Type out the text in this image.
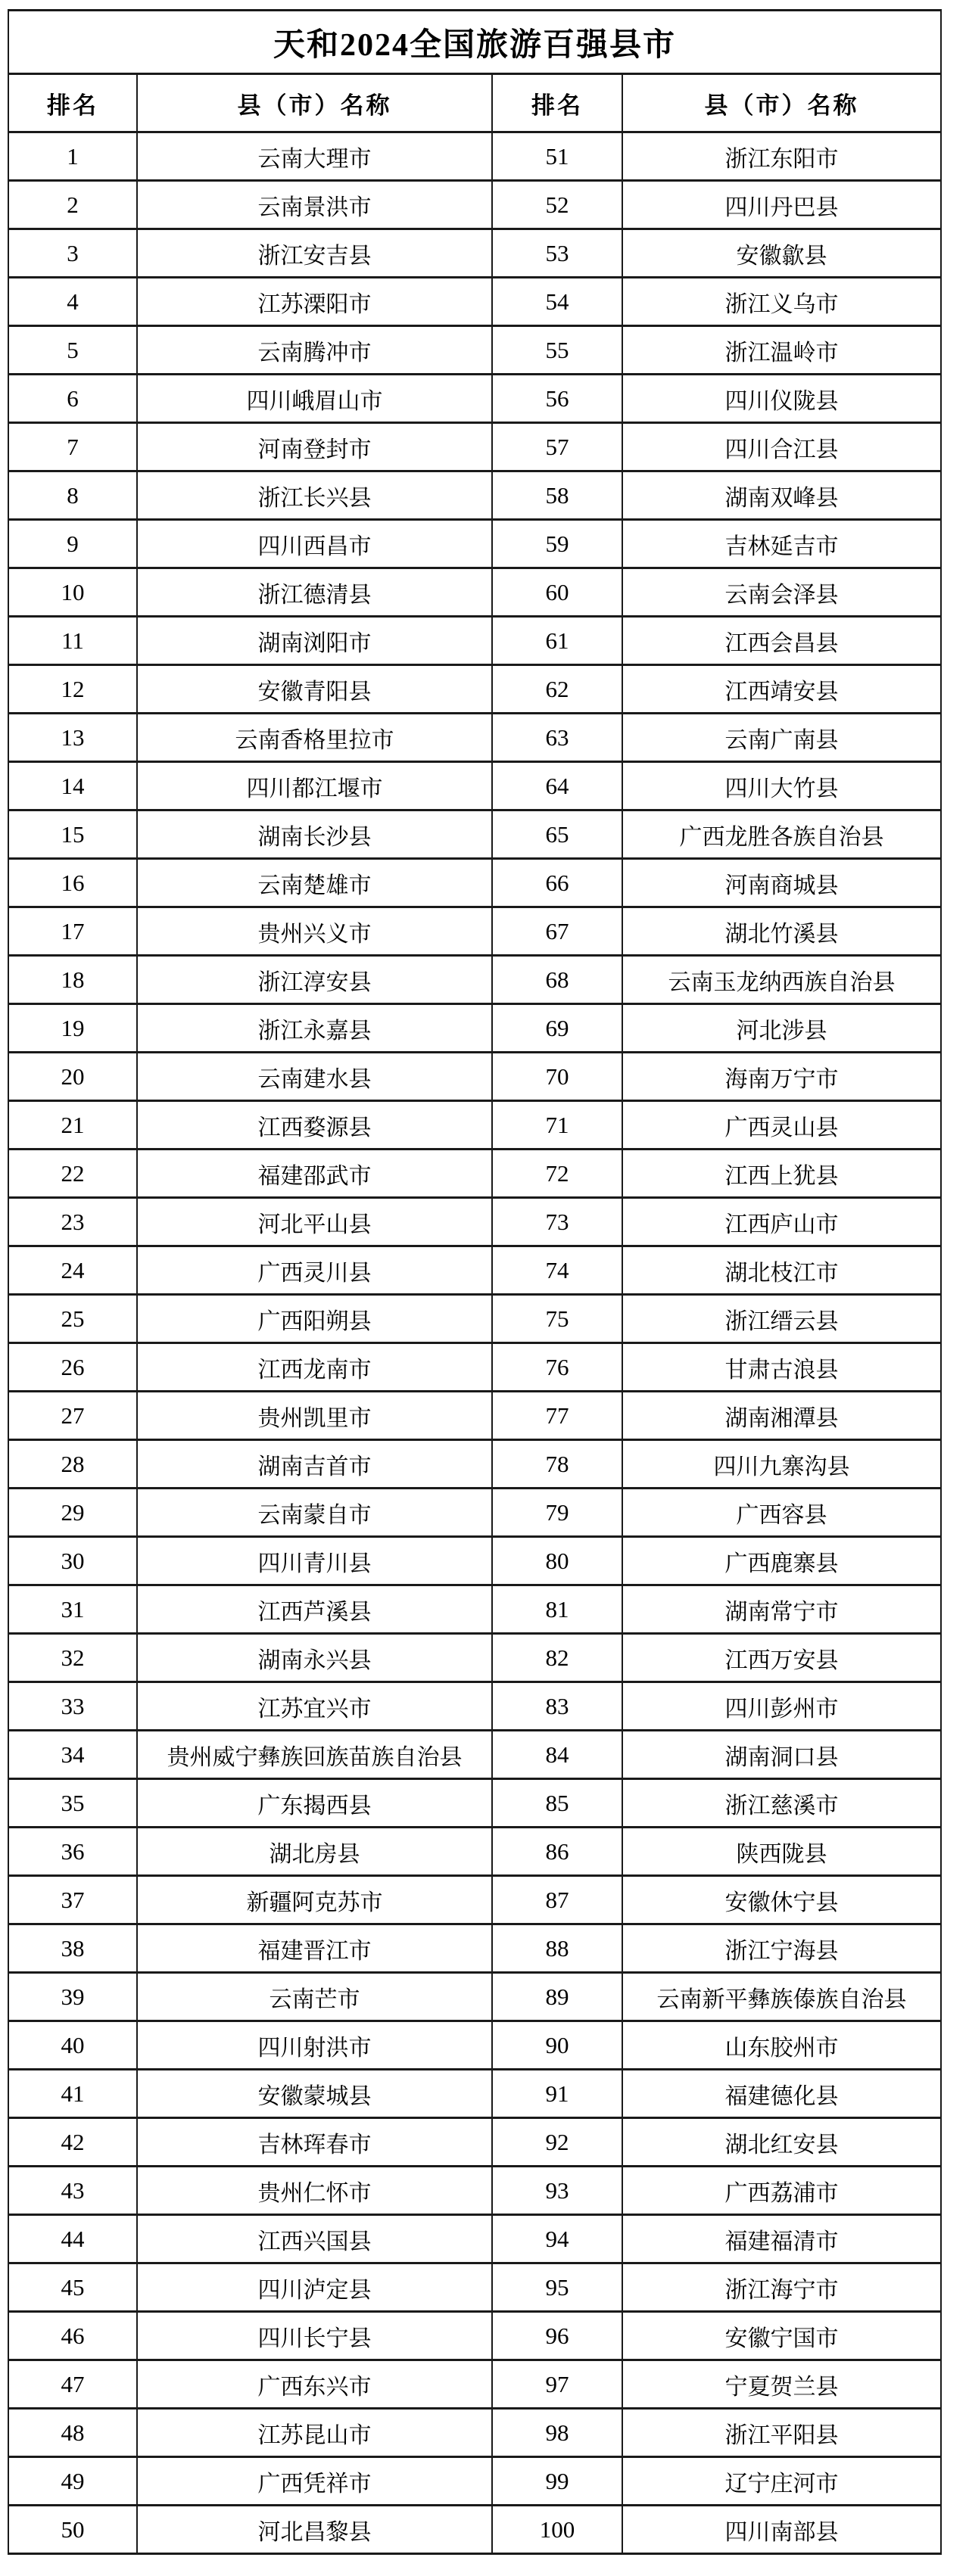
天和2024全国旅游百强县市			
排名	县（市）名称	排名	县（市）名称
1	云南大理市	51	浙江东阳市
2	云南景洪市	52	四川丹巴县
3	浙江安吉县	53	安徽歙县
4	江苏溧阳市	54	浙江义乌市
5	云南腾冲市	55	浙江温岭市
6	四川峨眉山市	56	四川仪陇县
7	河南登封市	57	四川合江县
8	浙江长兴县	58	湖南双峰县
9	四川西昌市	59	吉林延吉市
10	浙江德清县	60	云南会泽县
11	湖南浏阳市	61	江西会昌县
12	安徽青阳县	62	江西靖安县
13	云南香格里拉市	63	云南广南县
14	四川都江堰市	64	四川大竹县
15	湖南长沙县	65	广西龙胜各族自治县
16	云南楚雄市	66	河南商城县
17	贵州兴义市	67	湖北竹溪县
18	浙江淳安县	68	云南玉龙纳西族自治县
19	浙江永嘉县	69	河北涉县
20	云南建水县	70	海南万宁市
21	江西婺源县	71	广西灵山县
22	福建邵武市	72	江西上犹县
23	河北平山县	73	江西庐山市
24	广西灵川县	74	湖北枝江市
25	广西阳朔县	75	浙江缙云县
26	江西龙南市	76	甘肃古浪县
27	贵州凯里市	77	湖南湘潭县
28	湖南吉首市	78	四川九寨沟县
29	云南蒙自市	79	广西容县
30	四川青川县	80	广西鹿寨县
31	江西芦溪县	81	湖南常宁市
32	湖南永兴县	82	江西万安县
33	江苏宜兴市	83	四川彭州市
34	贵州威宁彝族回族苗族自治县	84	湖南洞口县
35	广东揭西县	85	浙江慈溪市
36	湖北房县	86	陕西陇县
37	新疆阿克苏市	87	安徽休宁县
38	福建晋江市	88	浙江宁海县
39	云南芒市	89	云南新平彝族傣族自治县
40	四川射洪市	90	山东胶州市
41	安徽蒙城县	91	福建德化县
42	吉林珲春市	92	湖北红安县
43	贵州仁怀市	93	广西荔浦市
44	江西兴国县	94	福建福清市
45	四川泸定县	95	浙江海宁市
46	四川长宁县	96	安徽宁国市
47	广西东兴市	97	宁夏贺兰县
48	江苏昆山市	98	浙江平阳县
49	广西凭祥市	99	辽宁庄河市
50	河北昌黎县	100	四川南部县
